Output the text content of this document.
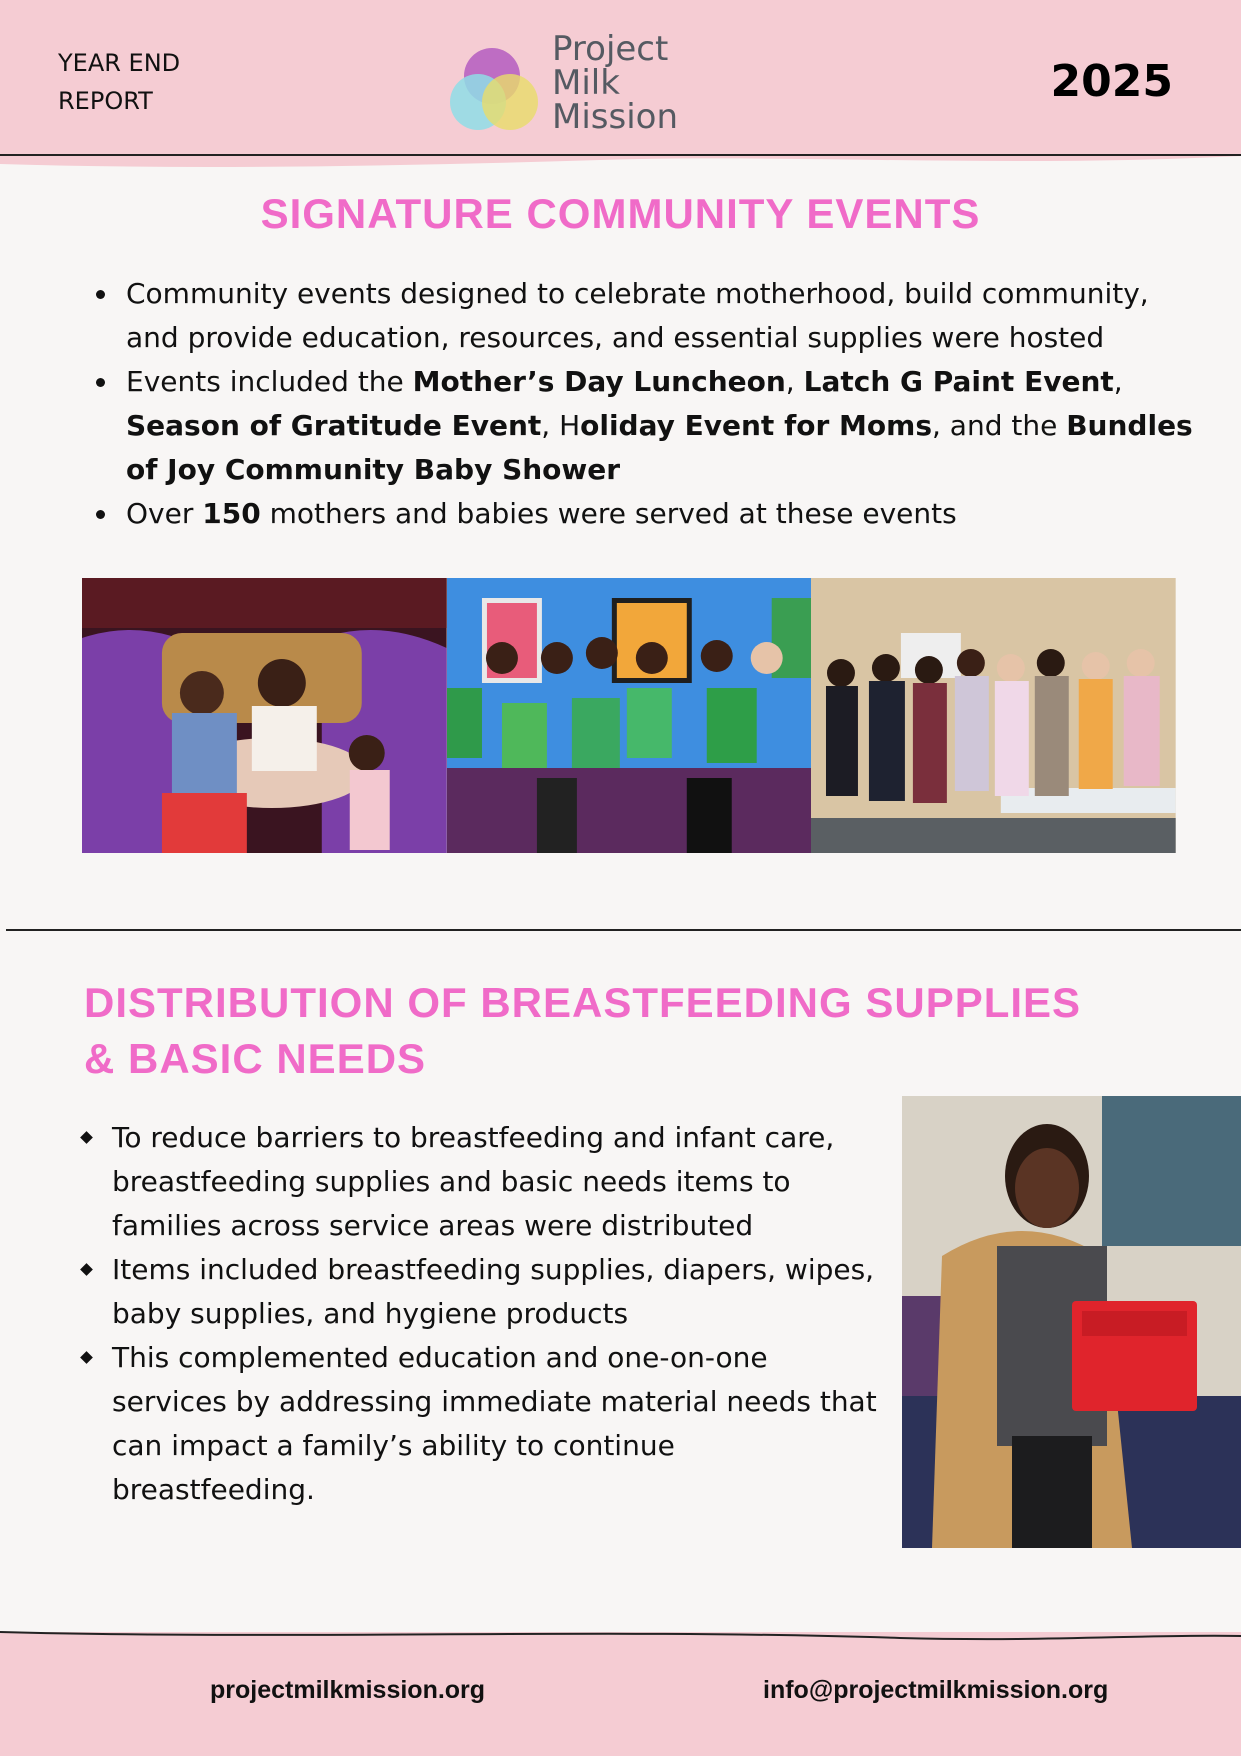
YEAR END
REPORT
Project
Milk
Mission
2025
SIGNATURE COMMUNITY EVENTS
Community events designed to celebrate motherhood, build community, and provide education, resources, and essential supplies were hosted
Events included the Mother’s Day Luncheon, Latch G Paint Event, Season of Gratitude Event, Holiday Event for Moms, and the Bundles of Joy Community Baby Shower
Over 150 mothers and babies were served at these events
DISTRIBUTION OF BREASTFEEDING SUPPLIES
& BASIC NEEDS
To reduce barriers to breastfeeding and infant care, breastfeeding supplies and basic needs items to families across service areas were distributed
Items included breastfeeding supplies, diapers, wipes, baby supplies, and hygiene products
This complemented education and one-on-one services by addressing immediate material needs that can impact a family’s ability to continue breastfeeding.
projectmilkmission.org	info@projectmilkmission.org
